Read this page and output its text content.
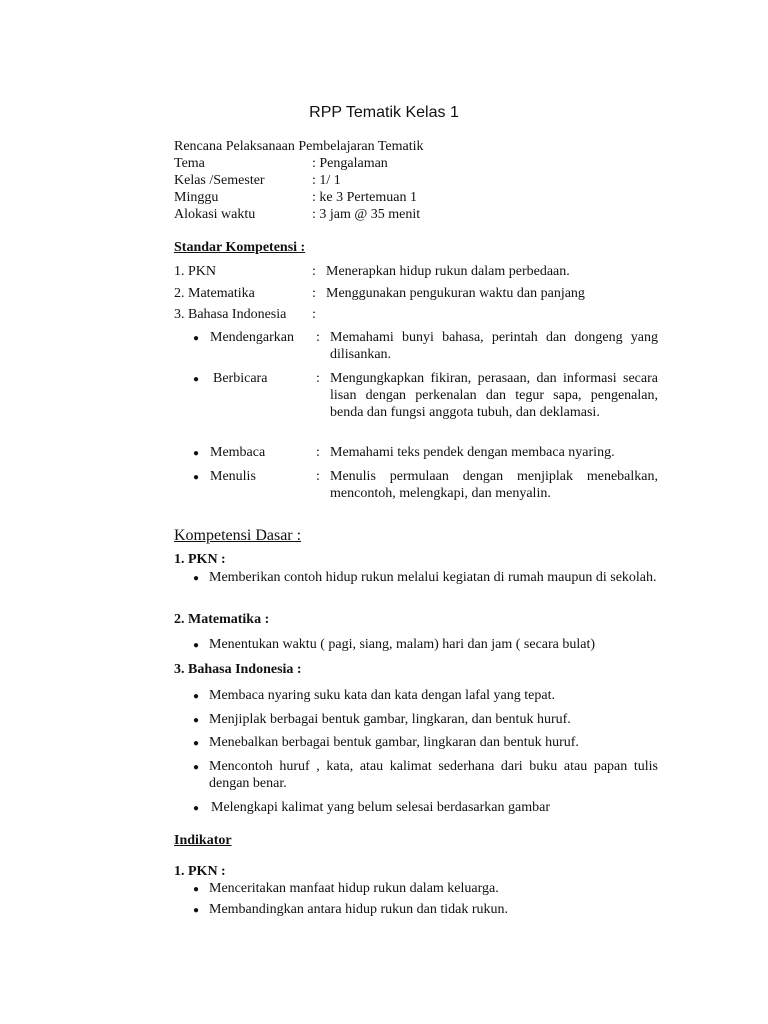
RPP Tematik Kelas 1
Rencana Pelaksanaan Pembelajaran Tematik
Tema	: Pengalaman
Kelas /Semester	: 1/ 1
Minggu	: ke 3 Pertemuan 1
Alokasi waktu	: 3 jam @ 35 menit
Standar Kompetensi :
1. PKN	: Menerapkan hidup rukun dalam perbedaan.
2. Matematika	: Menggunakan pengukuran waktu dan panjang
3. Bahasa Indonesia :
● Mendengarkan : Memahami bunyi bahasa, perintah dan dongeng yang dilisankan.
● Berbicara	: Mengungkapkan fikiran, perasaan, dan informasi secara lisan dengan perkenalan dan tegur sapa, pengenalan, benda dan fungsi anggota tubuh, dan deklamasi.
● Membaca	: Memahami teks pendek dengan membaca nyaring.
● Menulis	: Menulis permulaan dengan menjiplak menebalkan, mencontoh, melengkapi, dan menyalin.
Kompetensi Dasar :
1. PKN :
● Memberikan contoh hidup rukun melalui kegiatan di rumah maupun di sekolah.
2. Matematika :
● Menentukan waktu ( pagi, siang, malam) hari dan jam ( secara bulat)
3. Bahasa Indonesia :
● Membaca nyaring suku kata dan kata dengan lafal yang tepat.
● Menjiplak berbagai bentuk gambar, lingkaran, dan bentuk huruf.
● Menebalkan berbagai bentuk gambar, lingkaran dan bentuk huruf.
● Mencontoh huruf , kata, atau kalimat sederhana dari buku atau papan tulis dengan benar.
● Melengkapi kalimat yang belum selesai berdasarkan gambar
Indikator
1. PKN :
● Menceritakan manfaat hidup rukun dalam keluarga.
● Membandingkan antara hidup rukun dan tidak rukun.
